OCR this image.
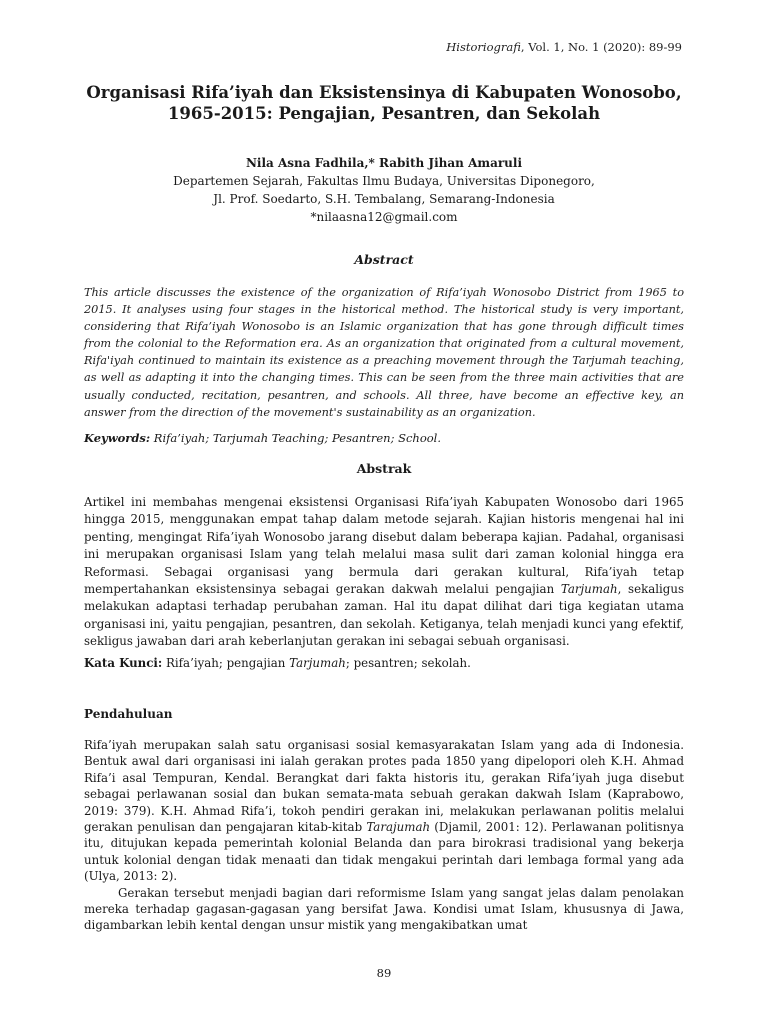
Historiografi, Vol. 1, No. 1 (2020): 89-99
Organisasi Rifa’iyah dan Eksistensinya di Kabupaten Wonosobo, 1965-2015: Pengajian, Pesantren, dan Sekolah
Nila Asna Fadhila,* Rabith Jihan Amaruli
Departemen Sejarah, Fakultas Ilmu Budaya, Universitas Diponegoro,
Jl. Prof. Soedarto, S.H. Tembalang, Semarang-Indonesia
*nilaasna12@gmail.com
Abstract

This article discusses the existence of the organization of Rifa’iyah Wonosobo District from 1965 to 2015. It analyses using four stages in the historical method. The historical study is very important, considering that Rifa’iyah Wonosobo is an Islamic organization that has gone through difficult times from the colonial to the Reformation era. As an organization that originated from a cultural movement, Rifa'iyah continued to maintain its existence as a preaching movement through the Tarjumah teaching, as well as adapting it into the changing times. This can be seen from the three main activities that are usually conducted, recitation, pesantren, and schools. All three, have become an effective key, an answer from the direction of the movement's sustainability as an organization.

Keywords: Rifa’iyah; Tarjumah Teaching; Pesantren; School.

Abstrak

Artikel ini membahas mengenai eksistensi Organisasi Rifa’iyah Kabupaten Wonosobo dari 1965 hingga 2015, menggunakan empat tahap dalam metode sejarah. Kajian historis mengenai hal ini penting, mengingat Rifa’iyah Wonosobo jarang disebut dalam beberapa kajian. Padahal, organisasi ini merupakan organisasi Islam yang telah melalui masa sulit dari zaman kolonial hingga era Reformasi. Sebagai organisasi yang bermula dari gerakan kultural, Rifa’iyah tetap mempertahankan eksistensinya sebagai gerakan dakwah melalui pengajian Tarjumah, sekaligus melakukan adaptasi terhadap perubahan zaman. Hal itu dapat dilihat dari tiga kegiatan utama organisasi ini, yaitu pengajian, pesantren, dan sekolah. Ketiganya, telah menjadi kunci yang efektif, sekligus jawaban dari arah keberlanjutan gerakan ini sebagai sebuah organisasi.

Kata Kunci: Rifa’iyah; pengajian Tarjumah; pesantren; sekolah.

Pendahuluan

Rifa’iyah merupakan salah satu organisasi sosial kemasyarakatan Islam yang ada di Indonesia. Bentuk awal dari organisasi ini ialah gerakan protes pada 1850 yang dipelopori oleh K.H. Ahmad Rifa’i asal Tempuran, Kendal. Berangkat dari fakta historis itu, gerakan Rifa’iyah juga disebut sebagai perlawanan sosial dan bukan semata-mata sebuah gerakan dakwah Islam (Kaprabowo, 2019: 379). K.H. Ahmad Rifa’i, tokoh pendiri gerakan ini, melakukan perlawanan politis melalui gerakan penulisan dan pengajaran kitab-kitab Tarajumah (Djamil, 2001: 12). Perlawanan politisnya itu, ditujukan kepada pemerintah kolonial Belanda dan para birokrasi tradisional yang bekerja untuk kolonial dengan tidak menaati dan tidak mengakui perintah dari lembaga formal yang ada (Ulya, 2013: 2).

Gerakan tersebut menjadi bagian dari reformisme Islam yang sangat jelas dalam penolakan mereka terhadap gagasan-gagasan yang bersifat Jawa. Kondisi umat Islam, khususnya di Jawa, digambarkan lebih kental dengan unsur mistik yang mengakibatkan umat

89
